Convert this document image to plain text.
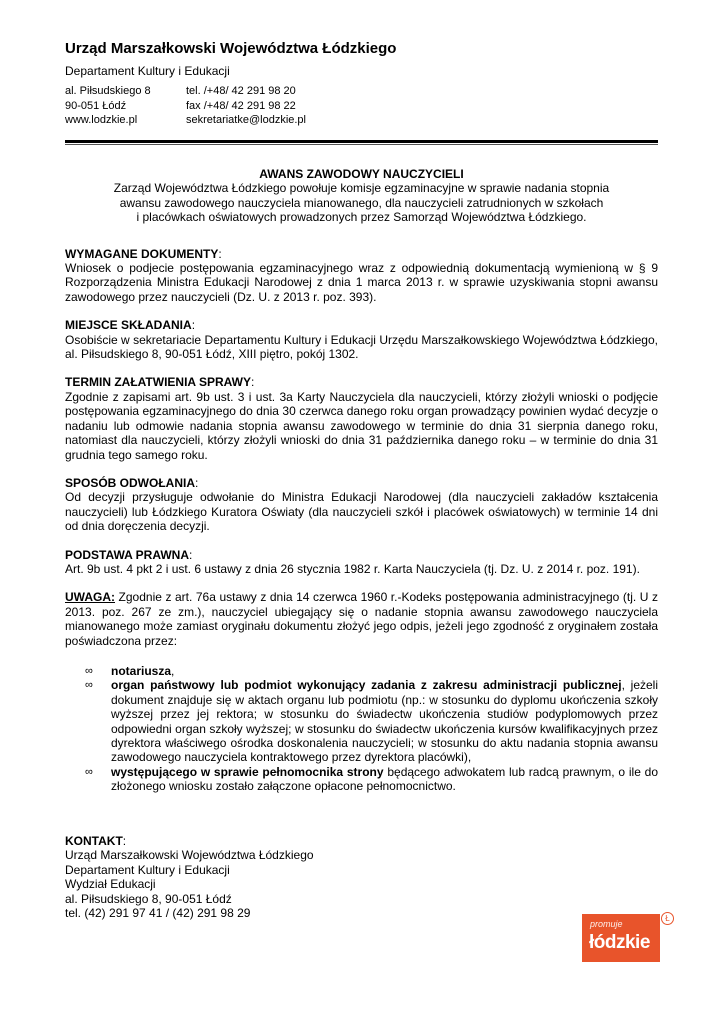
Urząd Marszałkowski Województwa Łódzkiego
Departament Kultury i Edukacji
al. Piłsudskiego 8
90-051 Łódź
www.lodzkie.pl
tel. /+48/ 42 291 98 20
fax /+48/ 42 291 98 22
sekretariatke@lodzkie.pl
AWANS ZAWODOWY NAUCZYCIELI
Zarząd Województwa Łódzkiego powołuje komisje egzaminacyjne w sprawie nadania stopnia
awansu zawodowego nauczyciela mianowanego, dla nauczycieli zatrudnionych w szkołach
i placówkach oświatowych prowadzonych przez Samorząd Województwa Łódzkiego.
WYMAGANE DOKUMENTY:
Wniosek o podjecie postępowania egzaminacyjnego wraz z odpowiednią dokumentacją wymienioną w § 9 Rozporządzenia Ministra Edukacji Narodowej z dnia 1 marca 2013 r. w sprawie uzyskiwania stopni awansu zawodowego przez nauczycieli (Dz. U. z 2013 r. poz. 393).
MIEJSCE SKŁADANIA:
Osobiście w sekretariacie Departamentu Kultury i Edukacji Urzędu Marszałkowskiego Województwa Łódzkiego, al. Piłsudskiego 8, 90-051 Łódź, XIII piętro, pokój 1302.
TERMIN ZAŁATWIENIA SPRAWY:
Zgodnie z zapisami art. 9b ust. 3 i ust. 3a Karty Nauczyciela dla nauczycieli, którzy złożyli wnioski o podjęcie postępowania egzaminacyjnego do dnia 30 czerwca danego roku organ prowadzący powinien wydać decyzje o nadaniu lub odmowie nadania stopnia awansu zawodowego w terminie do dnia 31 sierpnia danego roku, natomiast dla nauczycieli, którzy złożyli wnioski do dnia 31 października danego roku – w terminie do dnia 31 grudnia tego samego roku.
SPOSÓB ODWOŁANIA:
Od decyzji przysługuje odwołanie do Ministra Edukacji Narodowej (dla nauczycieli zakładów kształcenia nauczycieli) lub Łódzkiego Kuratora Oświaty (dla nauczycieli szkół i placówek oświatowych) w terminie 14 dni od dnia doręczenia decyzji.
PODSTAWA PRAWNA:
Art. 9b ust. 4 pkt 2 i ust. 6 ustawy z dnia 26 stycznia 1982 r. Karta Nauczyciela (tj. Dz. U. z 2014 r. poz. 191).
UWAGA: Zgodnie z art. 76a ustawy z dnia 14 czerwca 1960 r.-Kodeks postępowania administracyjnego (tj. U z 2013. poz. 267 ze zm.), nauczyciel ubiegający się o nadanie stopnia awansu zawodowego nauczyciela mianowanego może zamiast oryginału dokumentu złożyć jego odpis, jeżeli jego zgodność z oryginałem została poświadczona przez:
∞ notariusza,
∞ organ państwowy lub podmiot wykonujący zadania z zakresu administracji publicznej, jeżeli dokument znajduje się w aktach organu lub podmiotu (np.: w stosunku do dyplomu ukończenia szkoły wyższej przez jej rektora; w stosunku do świadectw ukończenia studiów podyplomowych przez odpowiedni organ szkoły wyższej; w stosunku do świadectw ukończenia kursów kwalifikacyjnych przez dyrektora właściwego ośrodka doskonalenia nauczycieli; w stosunku do aktu nadania stopnia awansu zawodowego nauczyciela kontraktowego przez dyrektora placówki),
∞ występującego w sprawie pełnomocnika strony będącego adwokatem lub radcą prawnym, o ile do złożonego wniosku zostało załączone opłacone pełnomocnictwo.
KONTAKT:
Urząd Marszałkowski Województwa Łódzkiego
Departament Kultury i Edukacji
Wydział Edukacji
al. Piłsudskiego 8, 90-051 Łódź
tel. (42) 291 97 41 / (42) 291 98 29
promuje
łódzkie
Ł
